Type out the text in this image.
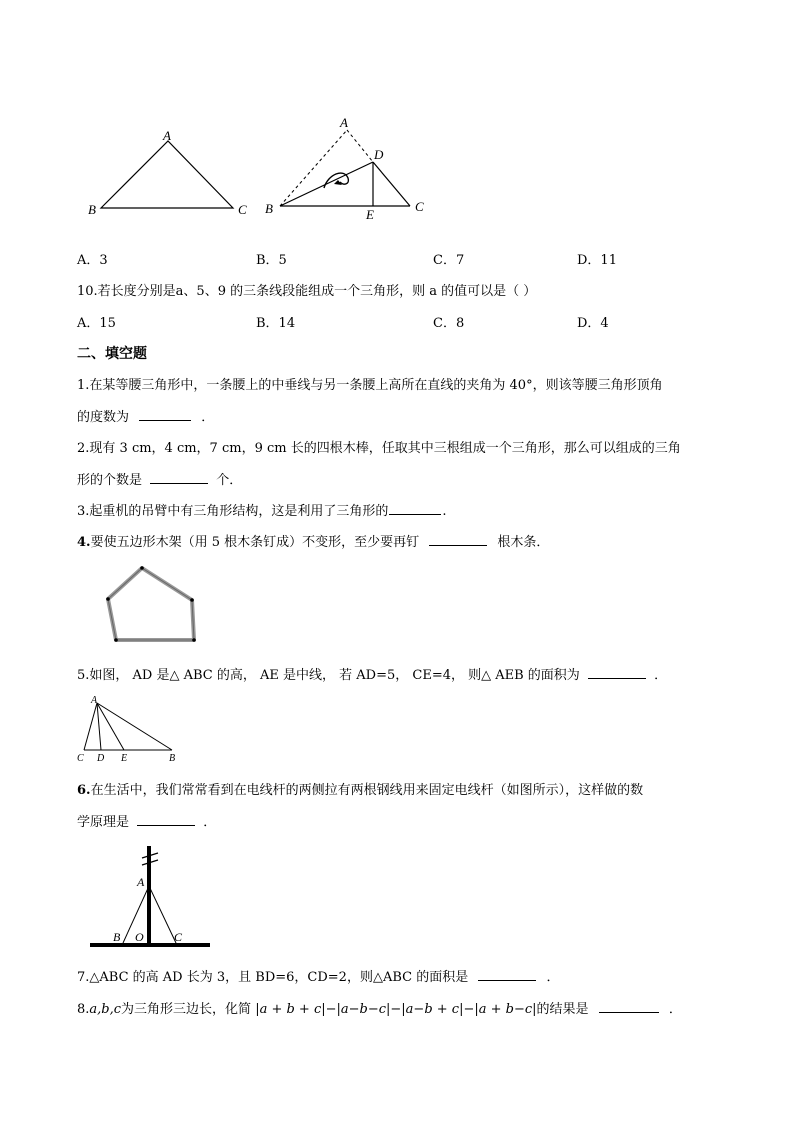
A
B	C
A
D
B	E
C
A．3	B．5	C．7	D．11
10.若长度分别是a、5、9 的三条线段能组成一个三角形，则 a 的值可以是（ ）
A．15	B．14	C．8	D．4
二、填空题
1.在某等腰三角形中，一条腰上的中垂线与另一条腰上高所在直线的夹角为 40°，则该等腰三角形顶角
的度数为	．
2.现有 3 cm，4 cm，7 cm，9 cm 长的四根木棒，任取其中三根组成一个三角形，那么可以组成的三角
形的个数是	个．
3.起重机的吊臂中有三角形结构，这是利用了三角形的	.
4.要使五边形木架（用 5 根木条钉成）不变形，至少要再钉	根木条．
5.如图， AD 是△ ABC 的高， AE 是中线， 若 AD=5， CE=4， 则△ AEB 的面积为	．
A
C D E	B
6.在生活中，我们常常看到在电线杆的两侧拉有两根钢线用来固定电线杆（如图所示），这样做的数
学原理是	．
A
B O	C
7.△ABC 的高 AD 长为 3，且 BD=6，CD=2，则△ABC 的面积是	．
8.a,b,c为三角形三边长，化简 |a + b + c|−|a−b−c|−|a−b + c|−|a + b−c|的结果是	．
